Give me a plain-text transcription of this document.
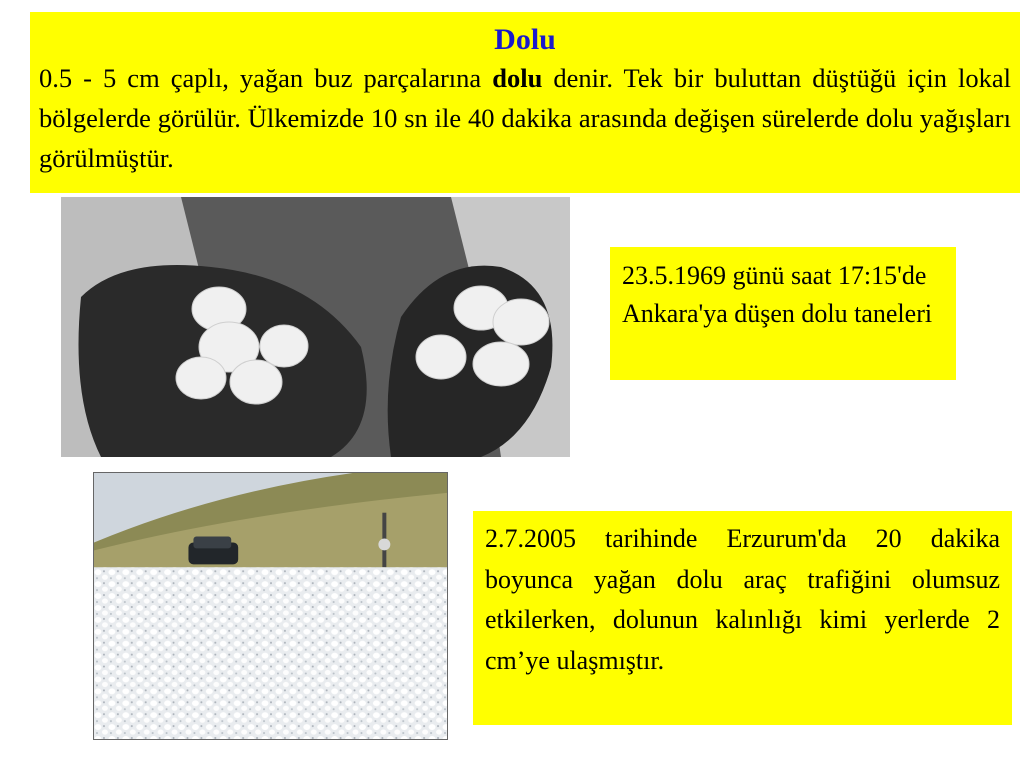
Dolu

0.5 - 5 cm çaplı, yağan buz parçalarına dolu denir. Tek bir buluttan düştüğü için lokal bölgelerde görülür. Ülkemizde 10 sn ile 40 dakika arasında değişen sürelerde dolu yağışları görülmüştür.

23.5.1969 günü saat 17:15'de Ankara'ya düşen dolu taneleri
2.7.2005 tarihinde Erzurum'da 20 dakika boyunca yağan dolu araç trafiğini olumsuz etkilerken, dolunun kalınlığı kimi yerlerde 2 cm’ye ulaşmıştır.
